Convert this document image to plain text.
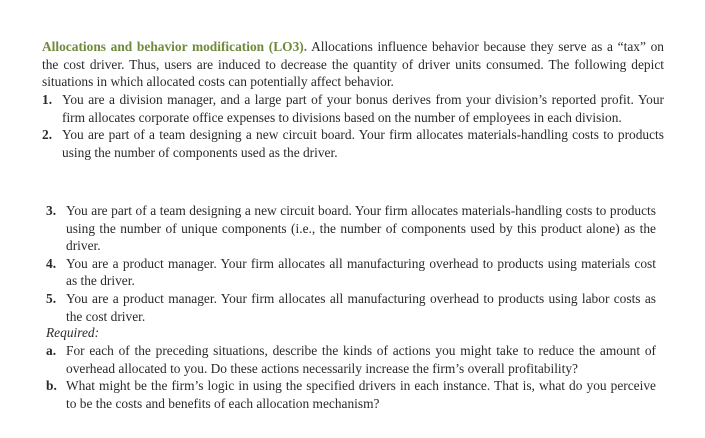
Allocations and behavior modification (LO3). Allocations influence behavior because they serve as a “tax” on the cost driver. Thus, users are induced to decrease the quantity of driver units consumed. The following depict situations in which allocated costs can potentially affect behavior.

1. You are a division manager, and a large part of your bonus derives from your division’s reported profit. Your firm allocates corporate office expenses to divisions based on the number of employees in each division.
2. You are part of a team designing a new circuit board. Your firm allocates materials-handling costs to products using the number of components used as the driver.
3. You are part of a team designing a new circuit board. Your firm allocates materials-handling costs to products using the number of unique components (i.e., the number of components used by this product alone) as the driver.
4. You are a product manager. Your firm allocates all manufacturing overhead to products using materials cost as the driver.
5. You are a product manager. Your firm allocates all manufacturing overhead to products using labor costs as the cost driver.
Required:
a. For each of the preceding situations, describe the kinds of actions you might take to reduce the amount of overhead allocated to you. Do these actions necessarily increase the firm’s overall profitability?
b. What might be the firm’s logic in using the specified drivers in each instance. That is, what do you perceive to be the costs and benefits of each allocation mechanism?
